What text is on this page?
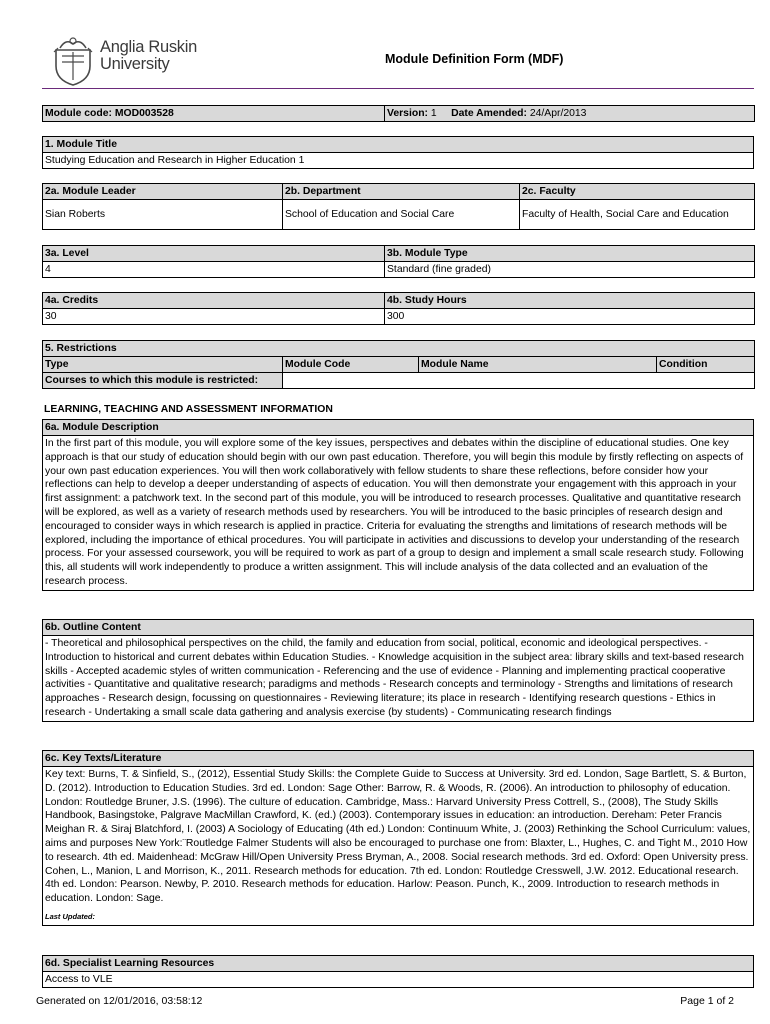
Anglia Ruskin
University	Module Definition Form (MDF)
Module code: MOD003528	Version: 1 Date Amended: 24/Apr/2013
1. Module Title
Studying Education and Research in Higher Education 1
2a. Module Leader	2b. Department	2c. Faculty
Sian Roberts	School of Education and Social Care	Faculty of Health, Social Care and Education
3a. Level	3b. Module Type
4	Standard (fine graded)
4a. Credits	4b. Study Hours
30	300
5. Restrictions			
Type	Module Code	Module Name	Condition
Courses to which this module is restricted:			
LEARNING, TEACHING AND ASSESSMENT INFORMATION
6a. Module Description
In the first part of this module, you will explore some of the key issues, perspectives and debates within the discipline of educational studies. One key approach is that our study of education should begin with our own past education. Therefore, you will begin this module by firstly reflecting on aspects of your own past education experiences. You will then work collaboratively with fellow students to share these reflections, before consider how your reflections can help to develop a deeper understanding of aspects of education. You will then demonstrate your engagement with this approach in your first assignment: a patchwork text. In the second part of this module, you will be introduced to research processes. Qualitative and quantitative research will be explored, as well as a variety of research methods used by researchers. You will be introduced to the basic principles of research design and encouraged to consider ways in which research is applied in practice. Criteria for evaluating the strengths and limitations of research methods will be explored, including the importance of ethical procedures. You will participate in activities and discussions to develop your understanding of the research process. For your assessed coursework, you will be required to work as part of a group to design and implement a small scale research study. Following this, all students will work independently to produce a written assignment. This will include analysis of the data collected and an evaluation of the research process.
6b. Outline Content
- Theoretical and philosophical perspectives on the child, the family and education from social, political, economic and ideological perspectives. - Introduction to historical and current debates within Education Studies. - Knowledge acquisition in the subject area: library skills and text-based research skills - Accepted academic styles of written communication - Referencing and the use of evidence - Planning and implementing practical cooperative activities - Quantitative and qualitative research; paradigms and methods - Research concepts and terminology - Strengths and limitations of research approaches - Research design, focussing on questionnaires - Reviewing literature; its place in research - Identifying research questions - Ethics in research - Undertaking a small scale data gathering and analysis exercise (by students) - Communicating research findings
6c. Key Texts/Literature

Key text: Burns, T. & Sinfield, S., (2012), Essential Study Skills: the Complete Guide to Success at University. 3rd ed. London, Sage Bartlett, S. & Burton, D. (2012). Introduction to Education Studies. 3rd ed. London: Sage Other: Barrow, R. & Woods, R. (2006). An introduction to philosophy of education. London: Routledge Bruner, J.S. (1996). The culture of education. Cambridge, Mass.: Harvard University Press Cottrell, S., (2008), The Study Skills Handbook, Basingstoke, Palgrave MacMillan Crawford, K. (ed.) (2003). Contemporary issues in education: an introduction. Dereham: Peter Francis Meighan R. & Siraj Blatchford, I. (2003) A Sociology of Educating (4th ed.) London: Continuum White, J. (2003) Rethinking the School Curriculum: values, aims and purposes New York:¨Routledge Falmer Students will also be encouraged to purchase one from: Blaxter, L., Hughes, C. and Tight M., 2010 How to research. 4th ed. Maidenhead: McGraw Hill/Open University Press Bryman, A., 2008. Social research methods. 3rd ed. Oxford: Open University press. Cohen, L., Manion, L and Morrison, K., 2011. Research methods for education. 7th ed. London: Routledge Cresswell, J.W. 2012. Educational research. 4th ed. London: Pearson. Newby, P. 2010. Research methods for education. Harlow: Peason. Punch, K., 2009. Introduction to research methods in education. London: Sage.
Last Updated:
6d. Specialist Learning Resources
Access to VLE
Generated on 12/01/2016, 03:58:12	Page 1 of 2
